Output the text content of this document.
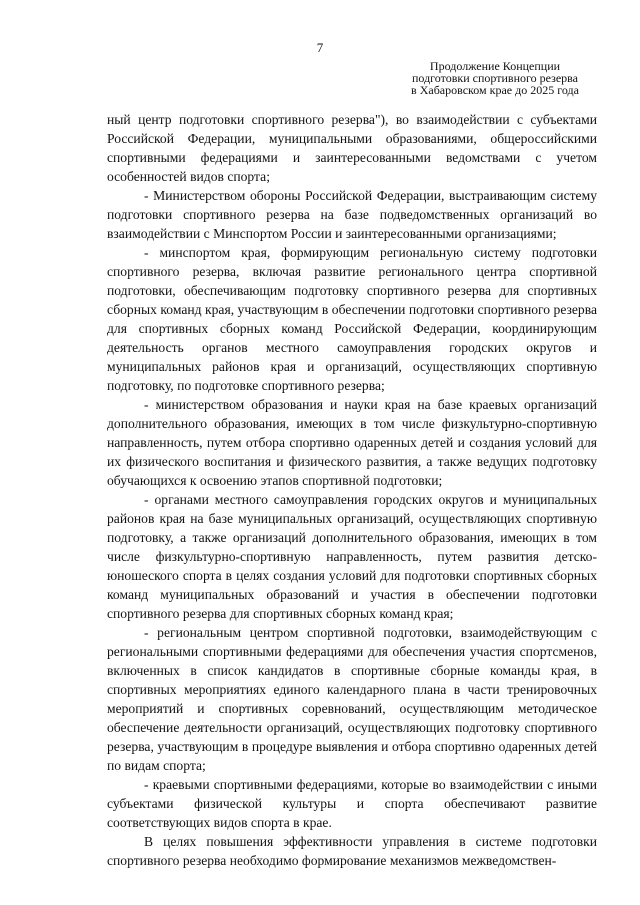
7
Продолжение Концепции
подготовки спортивного резерва
в Хабаровском крае до 2025 года

ный центр подготовки спортивного резерва"), во взаимодействии с субъектами Российской Федерации, муниципальными образованиями, общероссийскими спортивными федерациями и заинтересованными ведомствами с учетом особенностей видов спорта;

- Министерством обороны Российской Федерации, выстраивающим систему подготовки спортивного резерва на базе подведомственных организаций во взаимодействии с Минспортом России и заинтересованными организациями;

- минспортом края, формирующим региональную систему подготовки спортивного резерва, включая развитие регионального центра спортивной подготовки, обеспечивающим подготовку спортивного резерва для спортивных сборных команд края, участвующим в обеспечении подготовки спортивного резерва для спортивных сборных команд Российской Федерации, координирующим деятельность органов местного самоуправления городских округов и муниципальных районов края и организаций, осуществляющих спортивную подготовку, по подготовке спортивного резерва;

- министерством образования и науки края на базе краевых организаций дополнительного образования, имеющих в том числе физкультурно-спортивную направленность, путем отбора спортивно одаренных детей и создания условий для их физического воспитания и физического развития, а также ведущих подготовку обучающихся к освоению этапов спортивной подготовки;

- органами местного самоуправления городских округов и муниципальных районов края на базе муниципальных организаций, осуществляющих спортивную подготовку, а также организаций дополнительного образования, имеющих в том числе физкультурно-спортивную направленность, путем развития детско-юношеского спорта в целях создания условий для подготовки спортивных сборных команд муниципальных образований и участия в обеспечении подготовки спортивного резерва для спортивных сборных команд края;

- региональным центром спортивной подготовки, взаимодействующим с региональными спортивными федерациями для обеспечения участия спортсменов, включенных в список кандидатов в спортивные сборные команды края, в спортивных мероприятиях единого календарного плана в части тренировочных мероприятий и спортивных соревнований, осуществляющим методическое обеспечение деятельности организаций, осуществляющих подготовку спортивного резерва, участвующим в процедуре выявления и отбора спортивно одаренных детей по видам спорта;

- краевыми спортивными федерациями, которые во взаимодействии с иными субъектами физической культуры и спорта обеспечивают развитие соответствующих видов спорта в крае.

В целях повышения эффективности управления в системе подготовки спортивного резерва необходимо формирование механизмов межведомствен-
